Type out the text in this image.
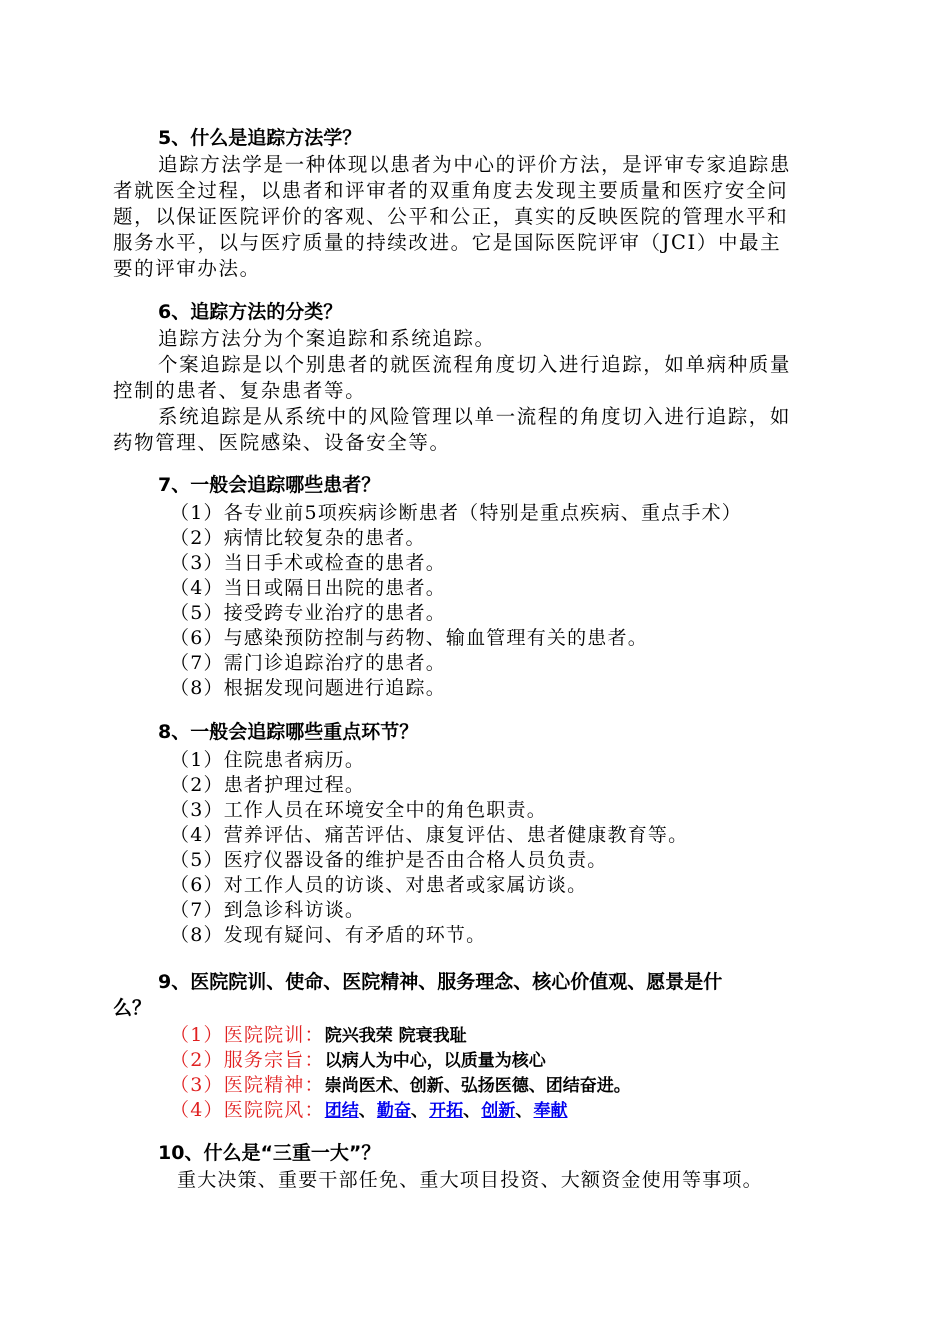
5、什么是追踪方法学？
追踪方法学是一种体现以患者为中心的评价方法，是评审专家追踪患
者就医全过程，以患者和评审者的双重角度去发现主要质量和医疗安全问
题，以保证医院评价的客观、公平和公正，真实的反映医院的管理水平和
服务水平，以与医疗质量的持续改进。它是国际医院评审（JCI）中最主
要的评审办法。
6、追踪方法的分类？
追踪方法分为个案追踪和系统追踪。
个案追踪是以个别患者的就医流程角度切入进行追踪，如单病种质量
控制的患者、复杂患者等。
系统追踪是从系统中的风险管理以单一流程的角度切入进行追踪，如
药物管理、医院感染、设备安全等。
7、一般会追踪哪些患者？
（1）各专业前5项疾病诊断患者（特别是重点疾病、重点手术）
（2）病情比较复杂的患者。
（3）当日手术或检查的患者。
（4）当日或隔日出院的患者。
（5）接受跨专业治疗的患者。
（6）与感染预防控制与药物、输血管理有关的患者。
（7）需门诊追踪治疗的患者。
（8）根据发现问题进行追踪。
8、一般会追踪哪些重点环节？
（1）住院患者病历。
（2）患者护理过程。
（3）工作人员在环境安全中的角色职责。
（4）营养评估、痛苦评估、康复评估、患者健康教育等。
（5）医疗仪器设备的维护是否由合格人员负责。
（6）对工作人员的访谈、对患者或家属访谈。
（7）到急诊科访谈。
（8）发现有疑问、有矛盾的环节。
9、医院院训、使命、医院精神、服务理念、核心价值观、愿景是什
么？
（1）医院院训：院兴我荣 院衰我耻
（2）服务宗旨：以病人为中心，以质量为核心
（3）医院精神：崇尚医术、创新、弘扬医德、团结奋进。
（4）医院院风：团结、勤奋、开拓、创新、奉献
10、什么是“三重一大”？
重大决策、重要干部任免、重大项目投资、大额资金使用等事项。
